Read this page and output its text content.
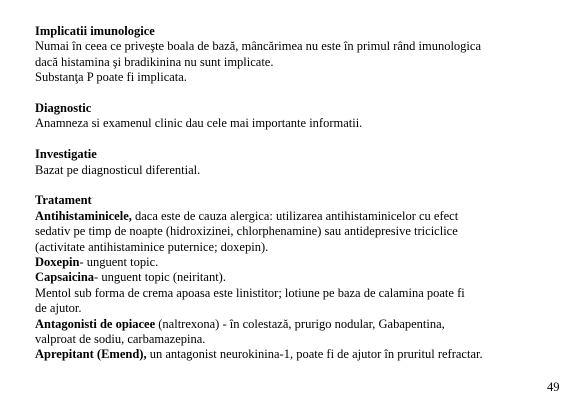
Implicatii imunologice

Numai în ceea ce priveşte boala de bază, mâncărimea nu este în primul rând imunologica

dacă histamina şi bradikinina nu sunt implicate.

Substanţa P poate fi implicata.

Diagnostic

Anamneza si examenul clinic dau cele mai importante informatii.

Investigatie

Bazat pe diagnosticul diferential.

Tratament

Antihistaminicele, daca este de cauza alergica: utilizarea antihistaminicelor cu efect

sedativ pe timp de noapte (hidroxizinei, chlorphenamine) sau antidepresive triciclice

(activitate antihistaminice puternice; doxepin).

Doxepin- unguent topic.

Capsaicina- unguent topic (neiritant).

Mentol sub forma de crema apoasa este linistitor; lotiune pe baza de calamina poate fi

de ajutor.

Antagonisti de opiacee (naltrexona) - în colestază, prurigo nodular, Gabapentina,

valproat de sodiu, carbamazepina.

Aprepitant (Emend), un antagonist neurokinina-1, poate fi de ajutor în pruritul refractar.

49
